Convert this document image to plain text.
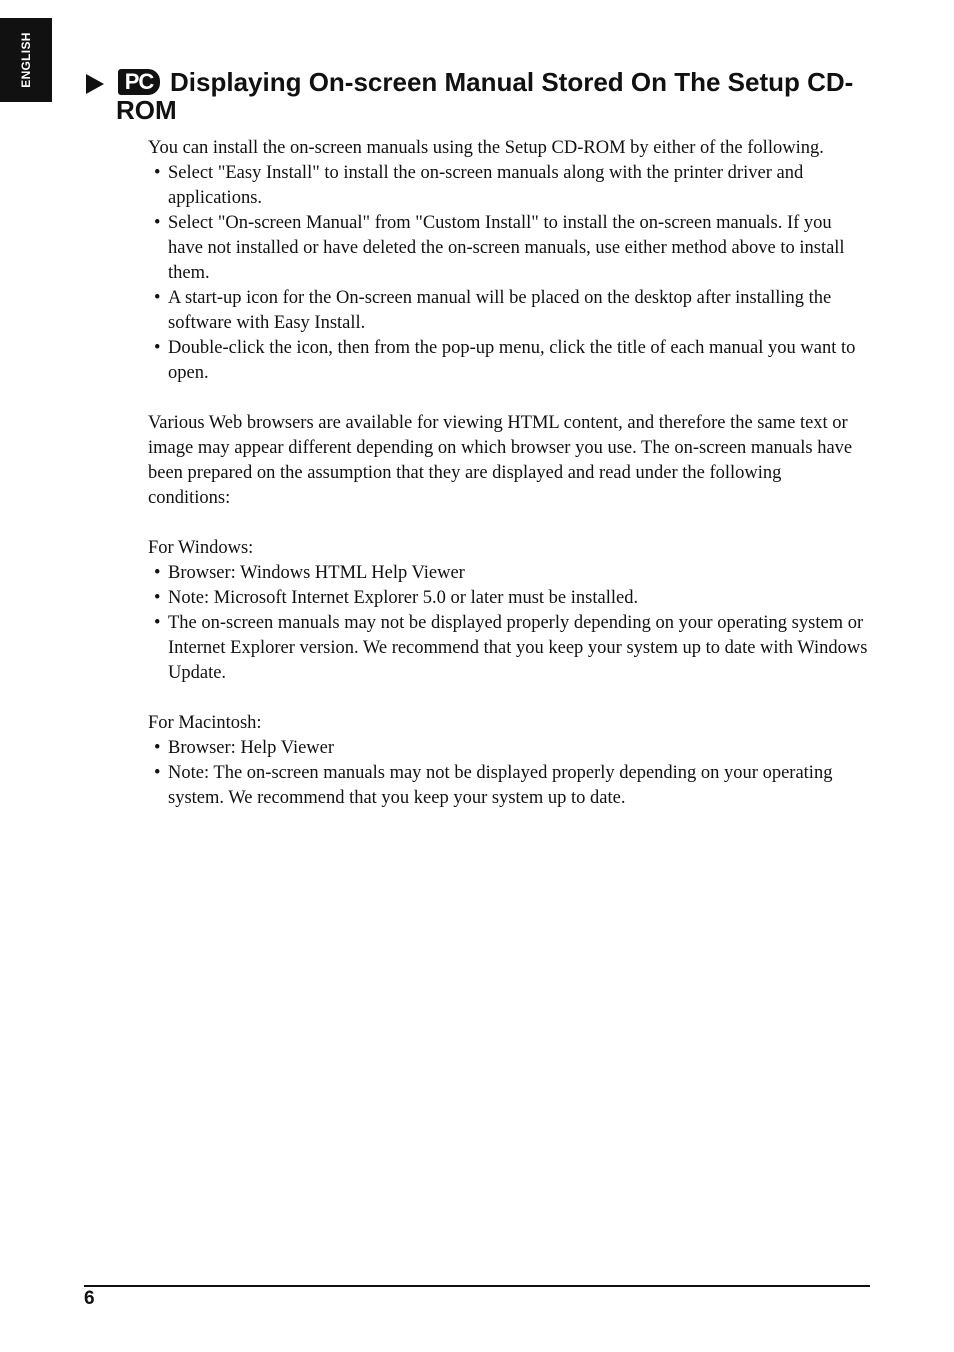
ENGLISH	PC Displaying On-screen Manual Stored On The Setup CD-ROM

You can install the on-screen manuals using the Setup CD-ROM by either of the following.

• Select "Easy Install" to install the on-screen manuals along with the printer driver and applications.
• Select "On-screen Manual" from "Custom Install" to install the on-screen manuals. If you have not installed or have deleted the on-screen manuals, use either method above to install them.
• A start-up icon for the On-screen manual will be placed on the desktop after installing the software with Easy Install.
• Double-click the icon, then from the pop-up menu, click the title of each manual you want to open.

Various Web browsers are available for viewing HTML content, and therefore the same text or image may appear different depending on which browser you use. The on-screen manuals have been prepared on the assumption that they are displayed and read under the following conditions:

For Windows:

• Browser: Windows HTML Help Viewer
• Note: Microsoft Internet Explorer 5.0 or later must be installed.
• The on-screen manuals may not be displayed properly depending on your operating system or Internet Explorer version. We recommend that you keep your system up to date with Windows Update.

For Macintosh:

• Browser: Help Viewer
• Note: The on-screen manuals may not be displayed properly depending on your operating system. We recommend that you keep your system up to date.
6
